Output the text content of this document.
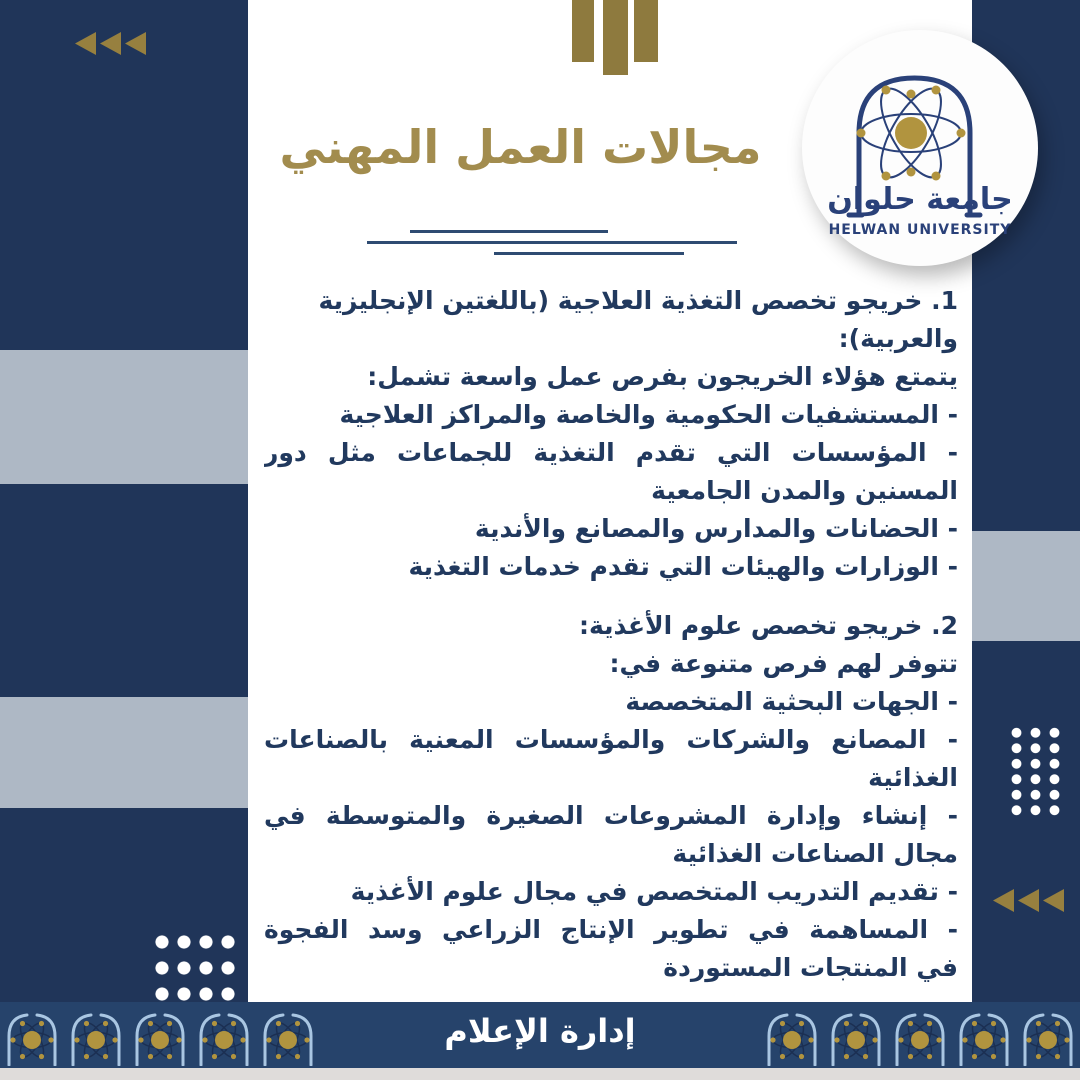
مجالات العمل المهني
1. خريجو تخصص التغذية العلاجية (باللغتين الإنجليزية
والعربية):
يتمتع هؤلاء الخريجون بفرص عمل واسعة تشمل:
- المستشفيات الحكومية والخاصة والمراكز العلاجية
- المؤسسات التي تقدم التغذية للجماعات مثل دور
المسنين والمدن الجامعية
- الحضانات والمدارس والمصانع والأندية
- الوزارات والهيئات التي تقدم خدمات التغذية
2. خريجو تخصص علوم الأغذية:
تتوفر لهم فرص متنوعة في:
- الجهات البحثية المتخصصة
- المصانع والشركات والمؤسسات المعنية بالصناعات
الغذائية
- إنشاء وإدارة المشروعات الصغيرة والمتوسطة في
مجال الصناعات الغذائية
- تقديم التدريب المتخصص في مجال علوم الأغذية
- المساهمة في تطوير الإنتاج الزراعي وسد الفجوة
في المنتجات المستوردة
جامعة حلوان
HELWAN UNIVERSITY
إدارة الإعلام
